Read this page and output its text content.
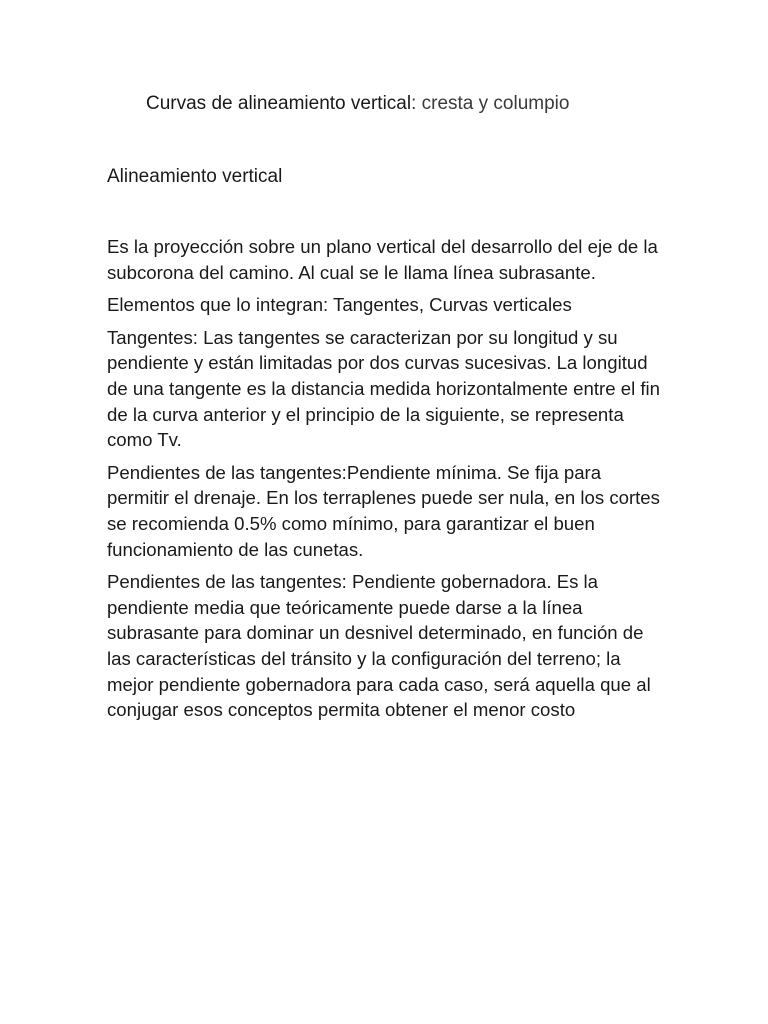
Curvas de alineamiento vertical: cresta y columpio
Alineamiento vertical

Es la proyección sobre un plano vertical del desarrollo del eje de la subcorona del camino. Al cual se le llama línea subrasante.

Elementos que lo integran: Tangentes, Curvas verticales

Tangentes: Las tangentes se caracterizan por su longitud y su pendiente y están limitadas por dos curvas sucesivas. La longitud de una tangente es la distancia medida horizontalmente entre el fin de la curva anterior y el principio de la siguiente, se representa como Tv.

Pendientes de las tangentes:Pendiente mínima. Se fija para permitir el drenaje. En los terraplenes puede ser nula, en los cortes se recomienda 0.5% como mínimo, para garantizar el buen funcionamiento de las cunetas.

Pendientes de las tangentes: Pendiente gobernadora. Es la pendiente media que teóricamente puede darse a la línea subrasante para dominar un desnivel determinado, en función de las características del tránsito y la configuración del terreno; la mejor pendiente gobernadora para cada caso, será aquella que al conjugar esos conceptos permita obtener el menor costo
